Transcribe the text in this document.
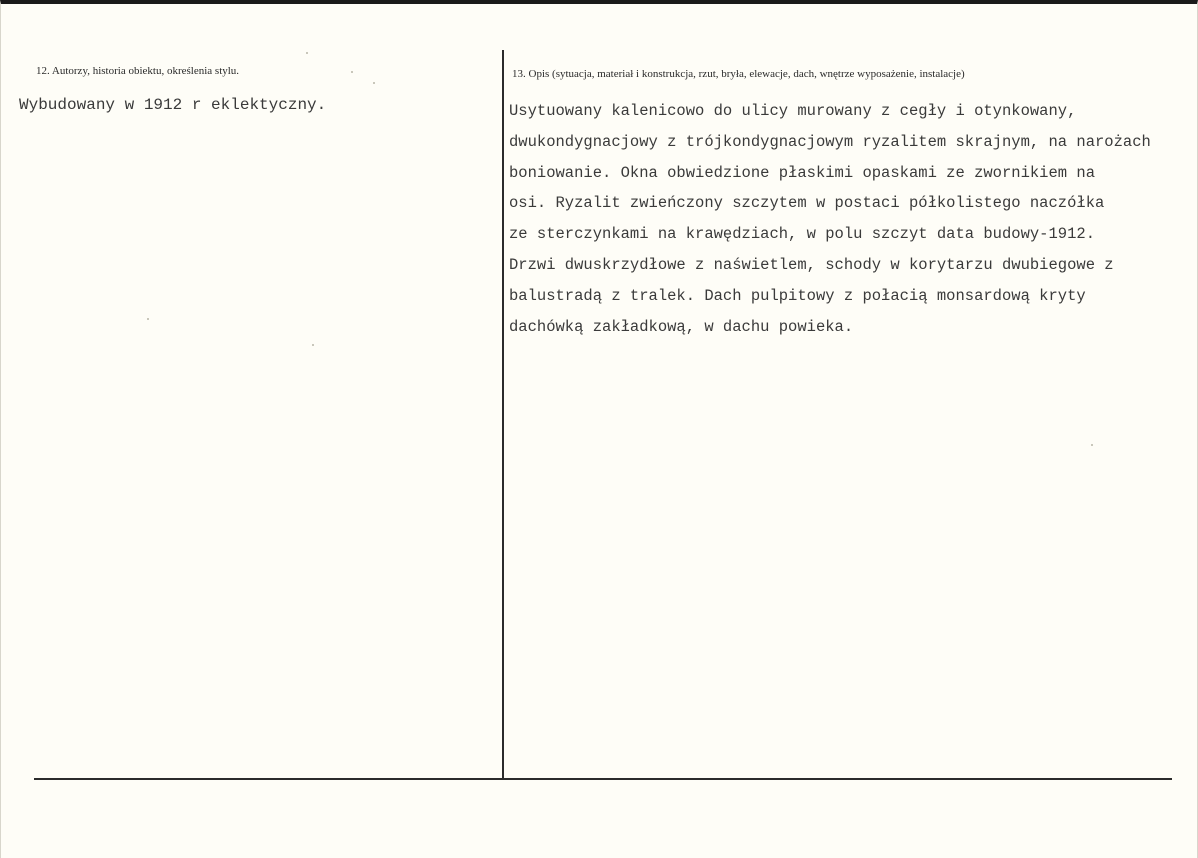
12. Autorzy, historia obiektu, określenia stylu.
Wybudowany w 1912 r eklektyczny.
13. Opis (sytuacja, materiał i konstrukcja, rzut, bryła, elewacje, dach, wnętrze wyposażenie, instalacje)
Usytuowany kalenicowo do ulicy murowany z cegły i otynkowany,
dwukondygnacjowy z trójkondygnacjowym ryzalitem skrajnym, na narożach
boniowanie. Okna obwiedzione płaskimi opaskami ze zwornikiem na
osi. Ryzalit zwieńczony szczytem w postaci półkolistego naczółka
ze sterczynkami na krawędziach, w polu szczyt data budowy-1912.
Drzwi dwuskrzydłowe z naświetlem, schody w korytarzu dwubiegowe z
balustradą z tralek. Dach pulpitowy z połacią monsardową kryty
dachówką zakładkową, w dachu powieka.
